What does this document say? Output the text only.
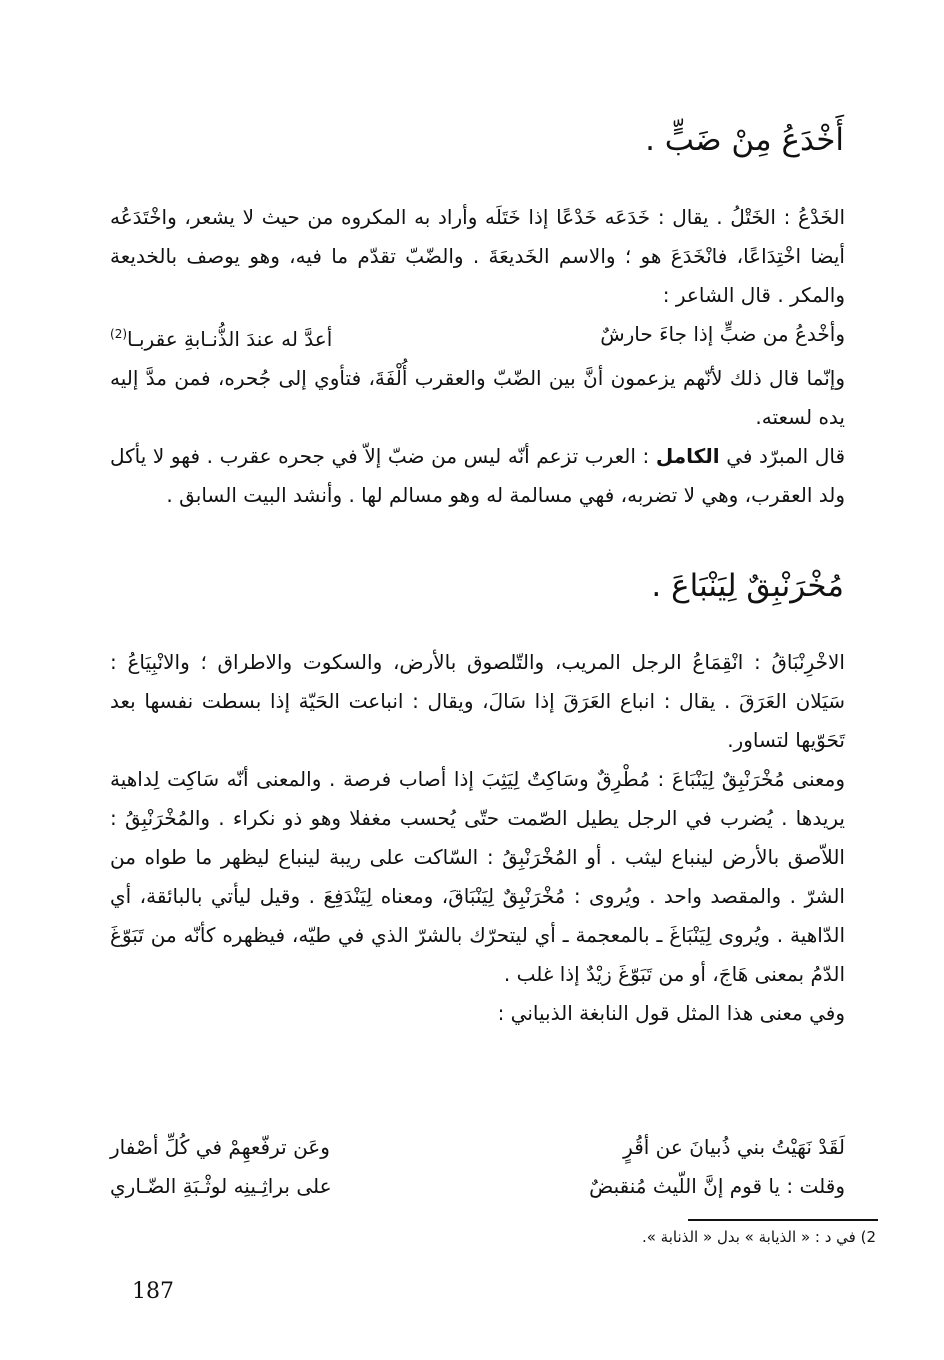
أَخْدَعُ مِنْ ضَبٍّ .

الخَدْعُ : الخَتْلُ . يقال : خَدَعَه خَدْعًا إذا خَتَلَه وأراد به المكروه من حيث لا يشعر، واخْتَدَعُه أيضا اخْتِدَاعًا، فانْخَدَعَ هو ؛ والاسم الخَديعَةَ . والضّبّ تقدّم ما فيه، وهو يوصف بالخديعة والمكر . قال الشاعر :

وأخْدعُ من ضبٍّ إذا جاءَ حارشٌ
أعدَّ له عندَ الذُّنـابةِ عقربـا$^{(2)}$

وإنّما قال ذلك لأنّهم يزعمون أنَّ بين الضّبّ والعقرب أُلْفَةَ، فتأوي إلى جُحره، فمن مدَّ إليه يده لسعته.

قال المبرّد في الكامل : العرب تزعم أنّه ليس من ضبّ إلاّ في جحره عقرب . فهو لا يأكل ولد العقرب، وهي لا تضربه، فهي مسالمة له وهو مسالم لها . وأنشد البيت السابق .

مُخْرَنْبِقٌ لِيَنْبَاعَ .

الاخْرِنْبَاقُ : انْقِمَاعُ الرجل المريب، والتّلصوق بالأرض، والسكوت والاطراق ؛ والانْبِيَاعُ : سَيَلان العَرَقَ . يقال : انباع العَرَقَ إذا سَالَ، ويقال : انباعت الحَيّة إذا بسطت نفسها بعد تَحَوّيها لتساور.

ومعنى مُخْرَنْبِقٌ لِيَنْبَاعَ : مُطْرِقٌ وسَاكِتٌ لِيَثِبَ إذا أصاب فرصة . والمعنى أنّه سَاكِت لِداهية يريدها . يُضرب في الرجل يطيل الصّمت حتّى يُحسب مغفلا وهو ذو نكراء . والمُخْرَنْبِقُ : اللاّصق بالأرض لينباع ليثب . أو المُخْرَنْبِقُ : السّاكت على ريبة لينباع ليظهر ما طواه من الشرّ . والمقصد واحد . ويُروى : مُخْرَنْبِقٌ لِيَنْبَاقَ، ومعناه لِيَنْدَفِعَ . وقيل ليأتي بالبائقة، أي الدّاهية . ويُروى لِيَنْبَاغَ ـ بالمعجمة ـ أي ليتحرّك بالشرّ الذي في طيّه، فيظهره كأنّه من تَبَوّغَ الدّمُ بمعنى هَاجَ، أو من تَبَوّغَ زيْدٌ إذا غلب .

وفي معنى هذا المثل قول النابغة الذبياني :

لَقَدْ نَهَيْتُ بني ذُبيانَ عن أقُرٍ
وعَن ترفّعهِمْ في كُلِّ أصْفار
وقلت : يا قوم إنَّ اللّيث مُنقبضٌ
على براثِـينِه لوثْـبَةِ الضّـاري
2) في د : « الذيابة » بدل « الذنابة ».
187
